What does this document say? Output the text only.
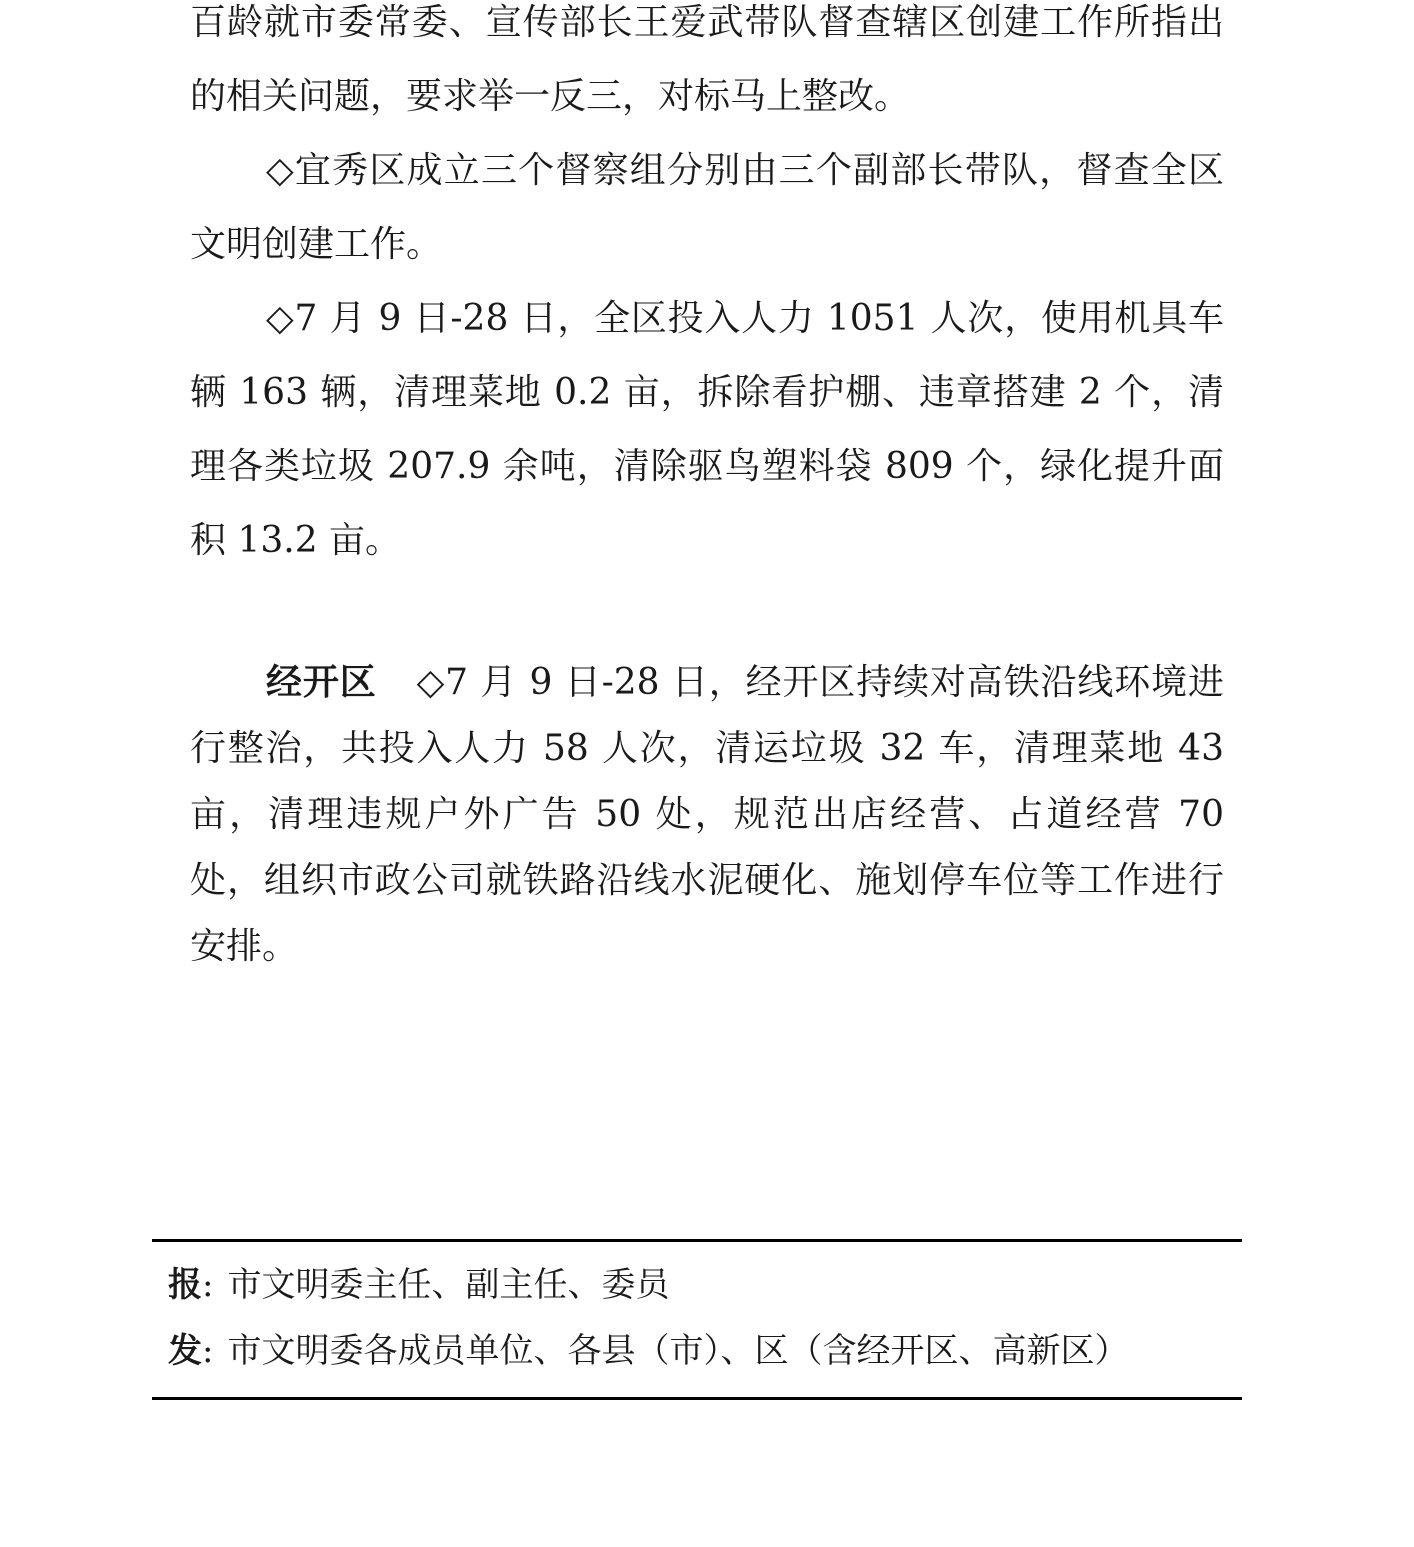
百龄就市委常委、宣传部长王爱武带队督查辖区创建工作所指出的相关问题，要求举一反三，对标马上整改。

◇宜秀区成立三个督察组分别由三个副部长带队，督查全区文明创建工作。

◇7 月 9 日-28 日，全区投入人力 1051 人次，使用机具车辆 163 辆，清理菜地 0.2 亩，拆除看护棚、违章搭建 2 个，清理各类垃圾 207.9 余吨，清除驱鸟塑料袋 809 个，绿化提升面积 13.2 亩。

经开区 ◇7 月 9 日-28 日，经开区持续对高铁沿线环境进行整治，共投入人力 58 人次，清运垃圾 32 车，清理菜地 43 亩，清理违规户外广告 50 处，规范出店经营、占道经营 70 处，组织市政公司就铁路沿线水泥硬化、施划停车位等工作进行安排。

报: 市文明委主任、副主任、委员
发: 市文明委各成员单位、各县（市）、区（含经开区、高新区）
